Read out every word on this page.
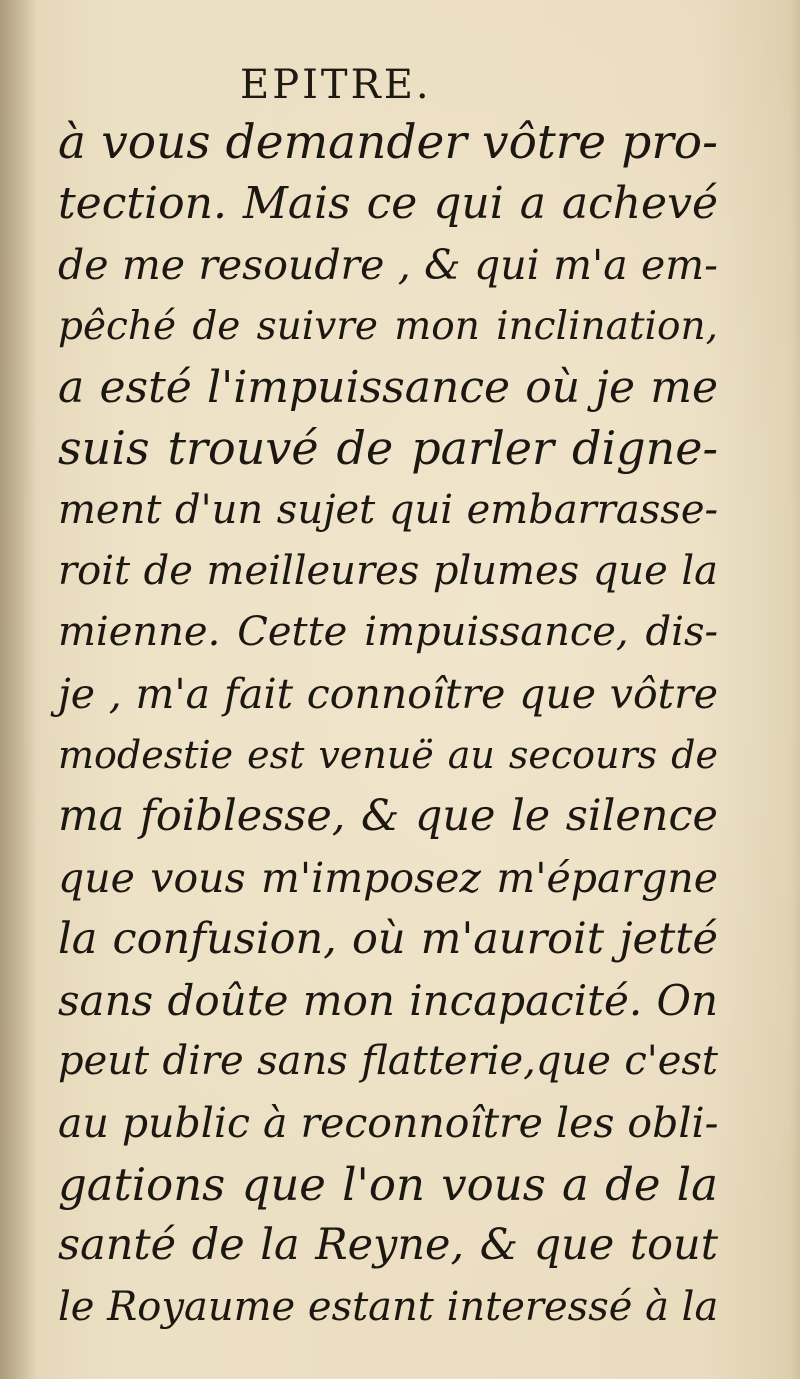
EPITRE.
à vous demander vôtre pro-
tection. Mais ce qui a achevé
de me resoudre , & qui m'a em-
pêché de suivre mon inclination,
a esté l'impuissance où je me
suis trouvé de parler digne-
ment d'un sujet qui embarrasse-
roit de meilleures plumes que la
mienne. Cette impuissance, dis-
je , m'a fait connoître que vôtre
modestie est venuë au secours de
ma foiblesse, & que le silence
que vous m'imposez m'épargne
la confusion, où m'auroit jetté
sans doûte mon incapacité. On
peut dire sans flatterie,que c'est
au public à reconnoître les obli-
gations que l'on vous a de la
santé de la Reyne, & que tout
le Royaume estant interessé à la
